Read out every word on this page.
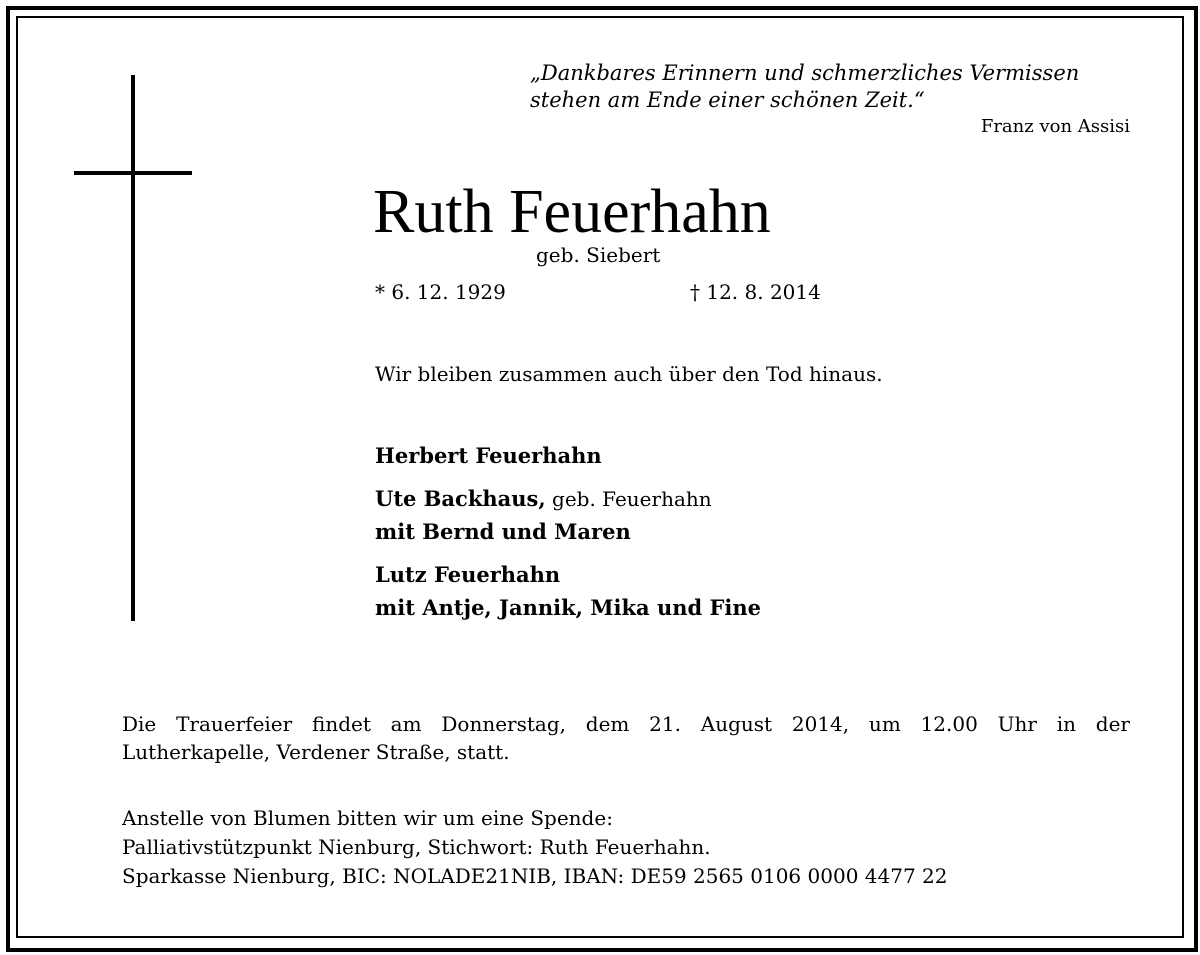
„Dankbares Erinnern und schmerzliches Vermissen
stehen am Ende einer schönen Zeit.“
Franz von Assisi
Ruth Feuerhahn
geb. Siebert
* 6. 12. 1929	† 12. 8. 2014
Wir bleiben zusammen auch über den Tod hinaus.
Herbert Feuerhahn
Ute Backhaus, geb. Feuerhahn
mit Bernd und Maren
Lutz Feuerhahn
mit Antje, Jannik, Mika und Fine
Die Trauerfeier findet am Donnerstag, dem 21. August 2014, um 12.00 Uhr in der
Lutherkapelle, Verdener Straße, statt.
Anstelle von Blumen bitten wir um eine Spende:
Palliativstützpunkt Nienburg, Stichwort: Ruth Feuerhahn.
Sparkasse Nienburg, BIC: NOLADE21NIB, IBAN: DE59 2565 0106 0000 4477 22
